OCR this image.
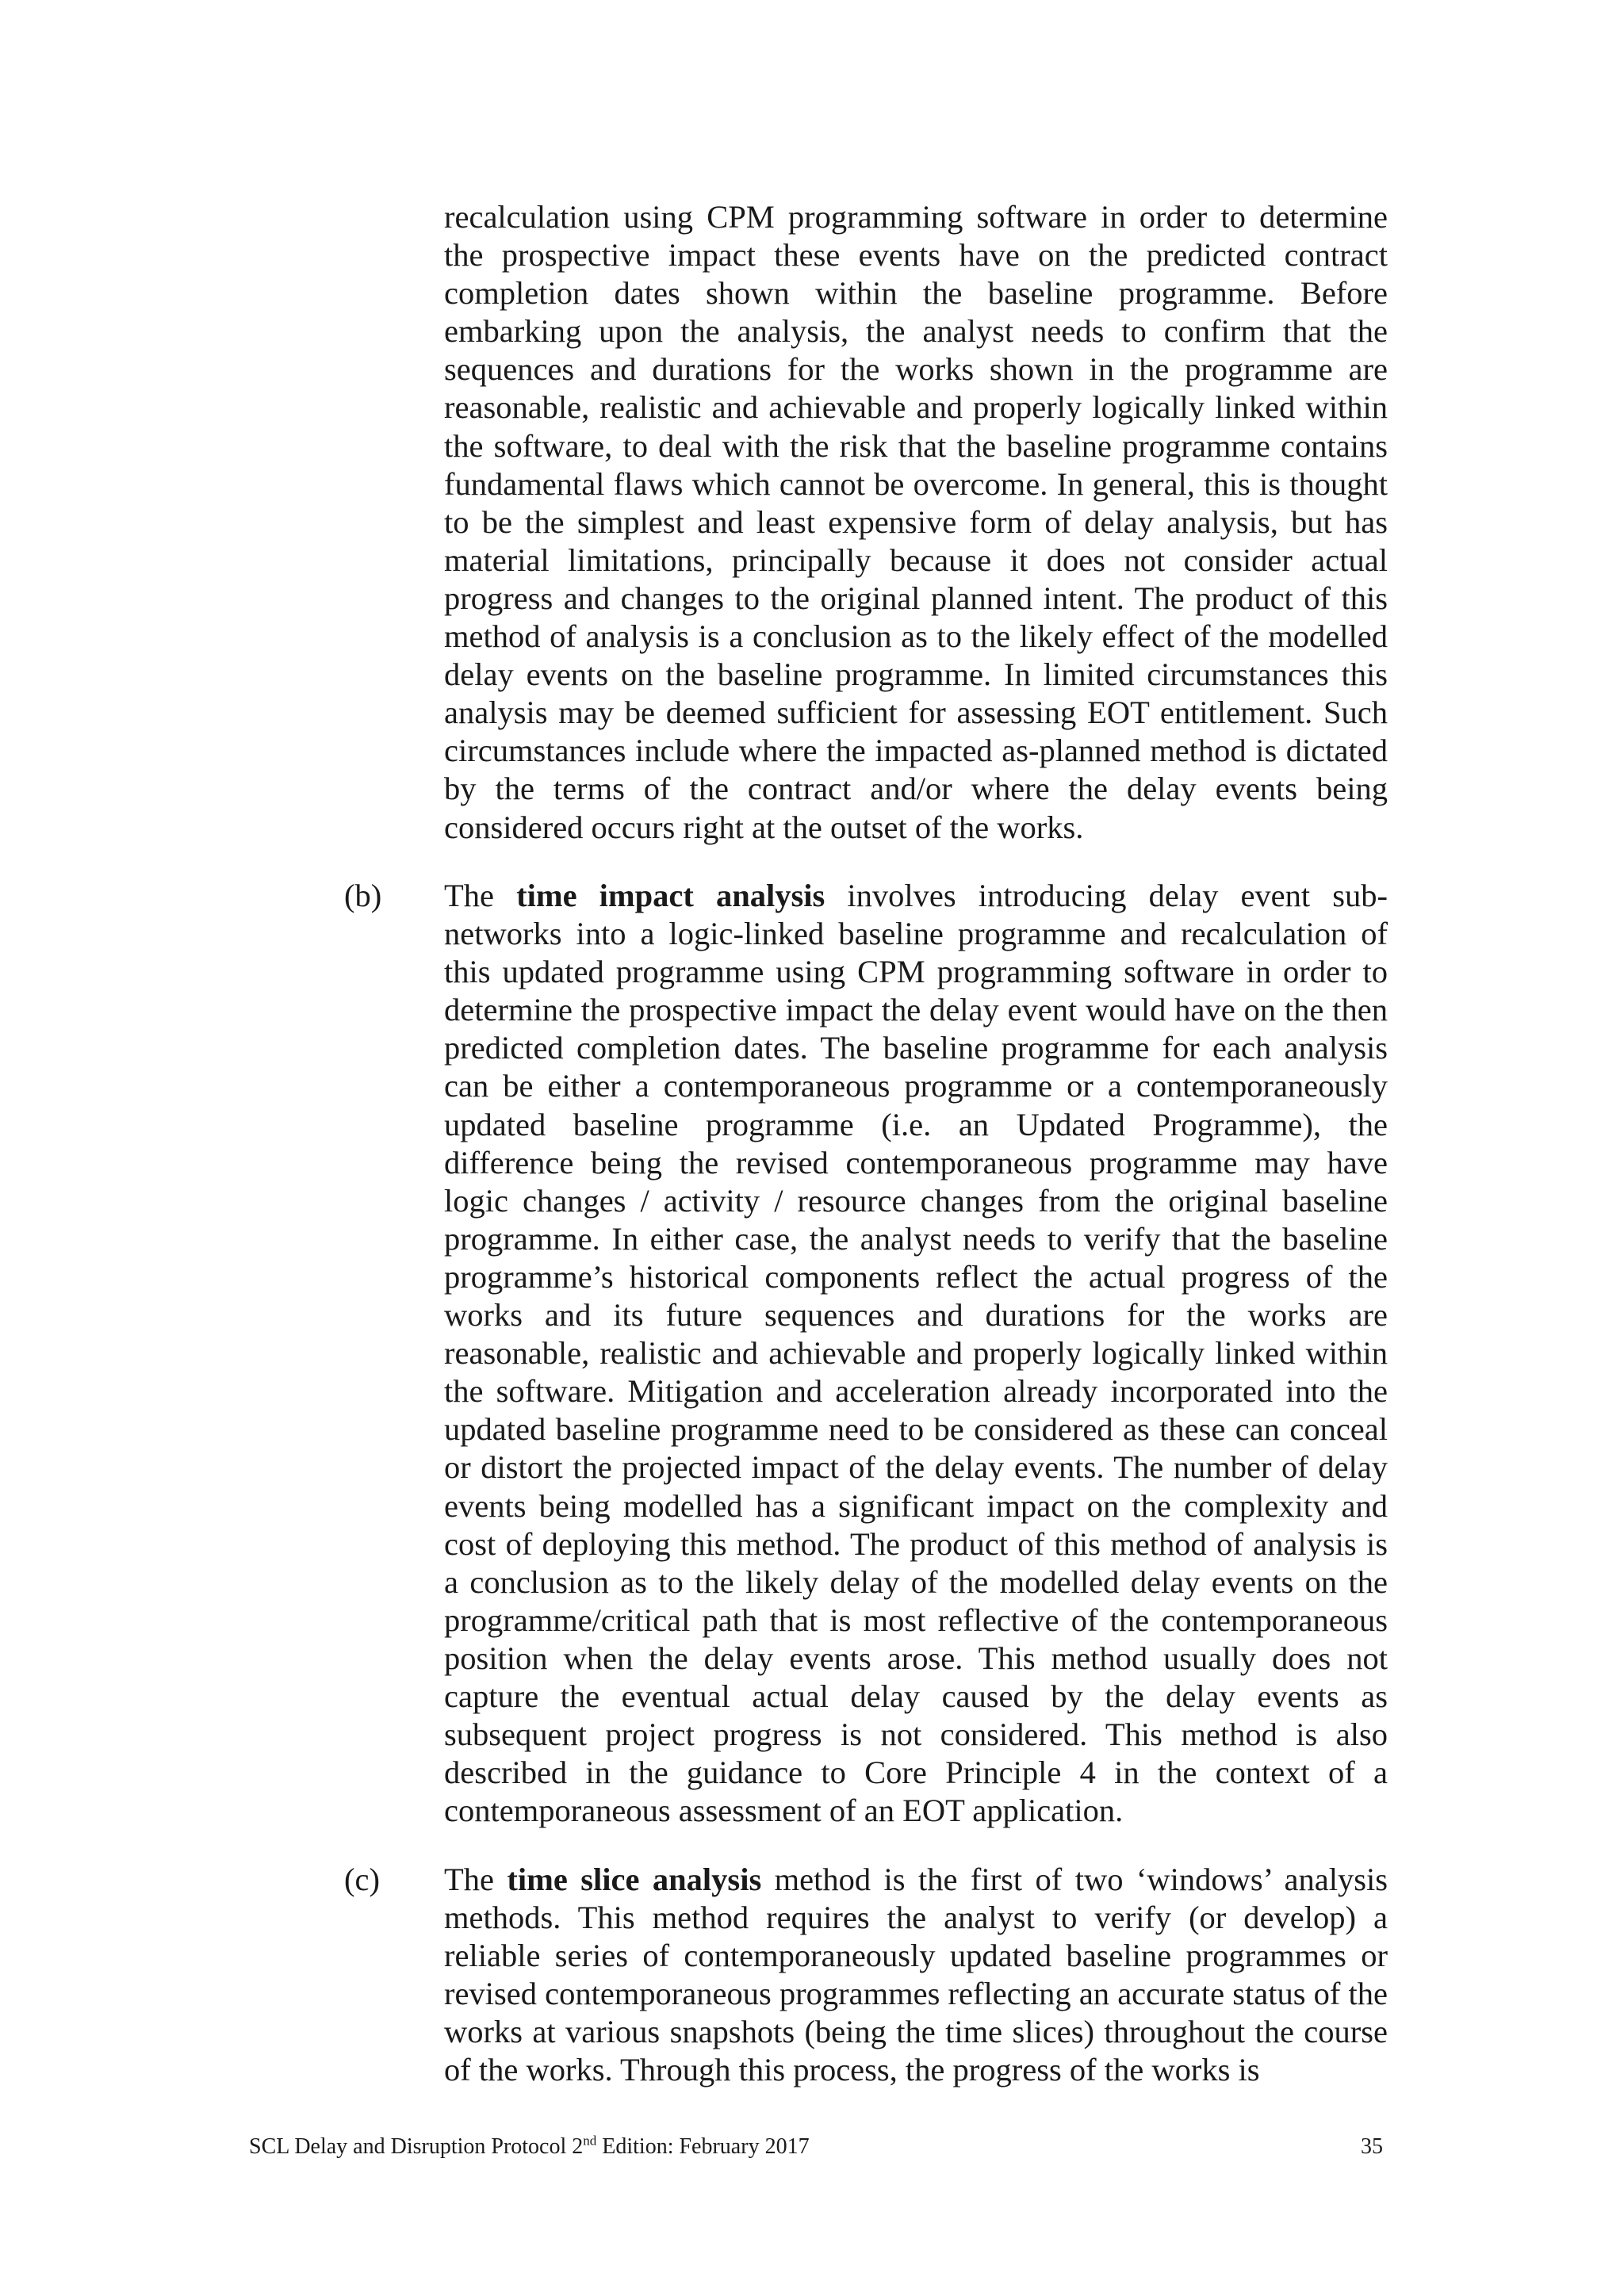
recalculation using CPM programming software in order to determine the prospective impact these events have on the predicted contract completion dates shown within the baseline programme. Before embarking upon the analysis, the analyst needs to confirm that the sequences and durations for the works shown in the programme are reasonable, realistic and achievable and properly logically linked within the software, to deal with the risk that the baseline programme contains fundamental flaws which cannot be overcome. In general, this is thought to be the simplest and least expensive form of delay analysis, but has material limitations, principally because it does not consider actual progress and changes to the original planned intent. The product of this method of analysis is a conclusion as to the likely effect of the modelled delay events on the baseline programme. In limited circumstances this analysis may be deemed sufficient for assessing EOT entitlement. Such circumstances include where the impacted as-planned method is dictated by the terms of the contract and/or where the delay events being considered occurs right at the outset of the works.

(b) The time impact analysis involves introducing delay event sub-networks into a logic-linked baseline programme and recalculation of this updated programme using CPM programming software in order to determine the prospective impact the delay event would have on the then predicted completion dates. The baseline programme for each analysis can be either a contemporaneous programme or a contemporaneously updated baseline programme (i.e. an Updated Programme), the difference being the revised contemporaneous programme may have logic changes / activity / resource changes from the original baseline programme. In either case, the analyst needs to verify that the baseline programme’s historical components reflect the actual progress of the works and its future sequences and durations for the works are reasonable, realistic and achievable and properly logically linked within the software. Mitigation and acceleration already incorporated into the updated baseline programme need to be considered as these can conceal or distort the projected impact of the delay events. The number of delay events being modelled has a significant impact on the complexity and cost of deploying this method. The product of this method of analysis is a conclusion as to the likely delay of the modelled delay events on the programme/critical path that is most reflective of the contemporaneous position when the delay events arose. This method usually does not capture the eventual actual delay caused by the delay events as subsequent project progress is not considered. This method is also described in the guidance to Core Principle 4 in the context of a contemporaneous assessment of an EOT application.

(c) The time slice analysis method is the first of two ‘windows’ analysis methods. This method requires the analyst to verify (or develop) a reliable series of contemporaneously updated baseline programmes or revised contemporaneous programmes reflecting an accurate status of the works at various snapshots (being the time slices) throughout the course of the works. Through this process, the progress of the works is

SCL Delay and Disruption Protocol 2nd Edition: February 2017	35
